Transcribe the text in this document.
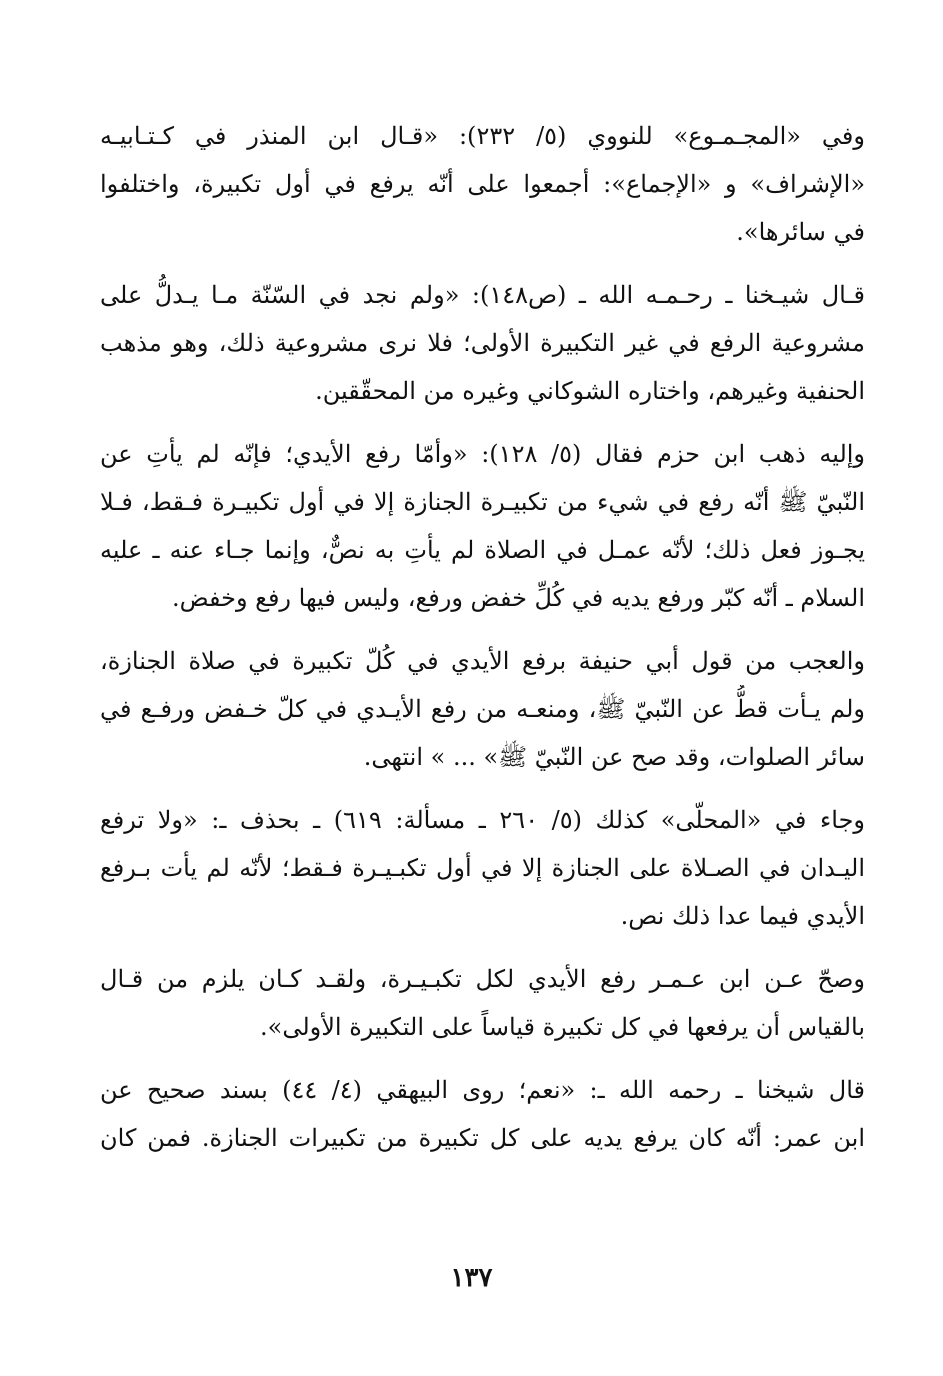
وفي «المجـمـوع» للنووي (٥/ ٢٣٢): «قـال ابن المنذر في كـتـابيـه
«الإشراف» و «الإجماع»: أجمعوا على أنّه يرفع في أول تكبيرة، واختلفوا
في سائرها».
قـال شيـخنا ـ رحـمـه الله ـ (ص١٤٨): «ولم نجد في السّنّة مـا يـدلُّ على
مشروعية الرفع في غير التكبيرة الأولى؛ فلا نرى مشروعية ذلك، وهو مذهب
الحنفية وغيرهم، واختاره الشوكاني وغيره من المحقّقين.
وإليه ذهب ابن حزم فقال (٥/ ١٢٨): «وأمّا رفع الأيدي؛ فإنّه لم يأتِ عن
النّبيّ ﷺ أنّه رفع في شيء من تكبيـرة الجنازة إلا في أول تكبيـرة فـقط، فـلا
يجـوز فعل ذلك؛ لأنّه عمـل في الصلاة لم يأتِ به نصٌّ، وإنما جـاء عنه ـ عليه
السلام ـ أنّه كبّر ورفع يديه في كُلِّ خفض ورفع، وليس فيها رفع وخفض.
والعجب من قول أبي حنيفة برفع الأيدي في كُلّ تكبيرة في صلاة الجنازة،
ولم يـأت قطُّ عن النّبيّ ﷺ، ومنعـه من رفع الأيـدي في كلّ خـفض ورفـع في
سائر الصلوات، وقد صح عن النّبيّ ﷺ» ... » انتهى.
وجاء في «المحلّى» كذلك (٥/ ٢٦٠ ـ مسألة: ٦١٩) ـ بحذف ـ: «ولا ترفع
اليـدان في الصـلاة على الجنازة إلا في أول تكبـيـرة فـقط؛ لأنّه لم يأت بـرفع
الأيدي فيما عدا ذلك نص.
وصحّ عـن ابن عـمـر رفع الأيدي لكل تكبـيـرة، ولقـد كـان يلزم من قـال
بالقياس أن يرفعها في كل تكبيرة قياساً على التكبيرة الأولى».
قال شيخنا ـ رحمه الله ـ: «نعم؛ روى البيهقي (٤/ ٤٤) بسند صحيح عن
ابن عمر: أنّه كان يرفع يديه على كل تكبيرة من تكبيرات الجنازة. فمن كان
١٣٧
